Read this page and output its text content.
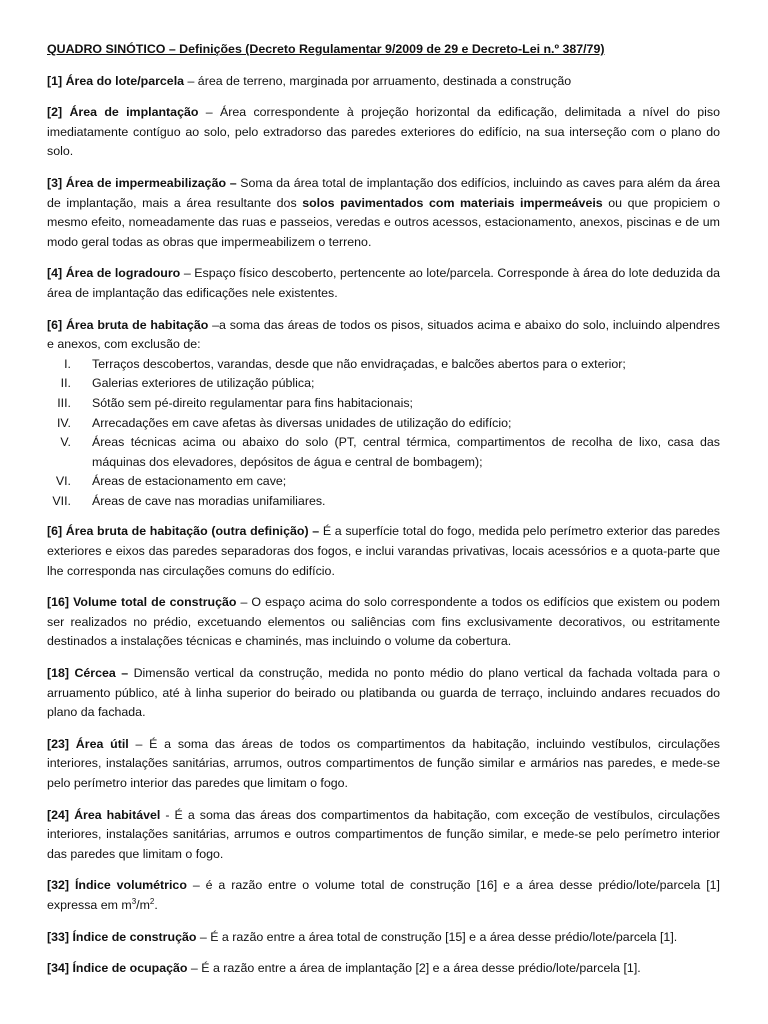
QUADRO SINÓTICO – Definições (Decreto Regulamentar 9/2009 de 29 e Decreto-Lei n.º 387/79)

[1] Área do lote/parcela – área de terreno, marginada por arruamento, destinada a construção

[2] Área de implantação – Área correspondente à projeção horizontal da edificação, delimitada a nível do piso imediatamente contíguo ao solo, pelo extradorso das paredes exteriores do edifício, na sua interseção com o plano do solo.

[3] Área de impermeabilização – Soma da área total de implantação dos edifícios, incluindo as caves para além da área de implantação, mais a área resultante dos solos pavimentados com materiais impermeáveis ou que propiciem o mesmo efeito, nomeadamente das ruas e passeios, veredas e outros acessos, estacionamento, anexos, piscinas e de um modo geral todas as obras que impermeabilizem o terreno.

[4] Área de logradouro – Espaço físico descoberto, pertencente ao lote/parcela. Corresponde à área do lote deduzida da área de implantação das edificações nele existentes.

[6] Área bruta de habitação –a soma das áreas de todos os pisos, situados acima e abaixo do solo, incluindo alpendres e anexos, com exclusão de:

I.	Terraços descobertos, varandas, desde que não envidraçadas, e balcões abertos para o exterior;
II.	Galerias exteriores de utilização pública;
III.	Sótão sem pé-direito regulamentar para fins habitacionais;
IV.	Arrecadações em cave afetas às diversas unidades de utilização do edifício;
V.	Áreas técnicas acima ou abaixo do solo (PT, central térmica, compartimentos de recolha de lixo, casa das máquinas dos elevadores, depósitos de água e central de bombagem);
VI.	Áreas de estacionamento em cave;
VII.	Áreas de cave nas moradias unifamiliares.

[6] Área bruta de habitação (outra definição) – É a superfície total do fogo, medida pelo perímetro exterior das paredes exteriores e eixos das paredes separadoras dos fogos, e inclui varandas privativas, locais acessórios e a quota-parte que lhe corresponda nas circulações comuns do edifício.

[16] Volume total de construção – O espaço acima do solo correspondente a todos os edifícios que existem ou podem ser realizados no prédio, excetuando elementos ou saliências com fins exclusivamente decorativos, ou estritamente destinados a instalações técnicas e chaminés, mas incluindo o volume da cobertura.

[18] Cércea – Dimensão vertical da construção, medida no ponto médio do plano vertical da fachada voltada para o arruamento público, até à linha superior do beirado ou platibanda ou guarda de terraço, incluindo andares recuados do plano da fachada.

[23] Área útil – É a soma das áreas de todos os compartimentos da habitação, incluindo vestíbulos, circulações interiores, instalações sanitárias, arrumos, outros compartimentos de função similar e armários nas paredes, e mede-se pelo perímetro interior das paredes que limitam o fogo.

[24] Área habitável - É a soma das áreas dos compartimentos da habitação, com exceção de vestíbulos, circulações interiores, instalações sanitárias, arrumos e outros compartimentos de função similar, e mede-se pelo perímetro interior das paredes que limitam o fogo.

[32] Índice volumétrico – é a razão entre o volume total de construção [16] e a área desse prédio/lote/parcela [1] expressa em $m^3/m^2$.

[33] Índice de construção – É a razão entre a área total de construção [15] e a área desse prédio/lote/parcela [1].

[34] Índice de ocupação – É a razão entre a área de implantação [2] e a área desse prédio/lote/parcela [1].
